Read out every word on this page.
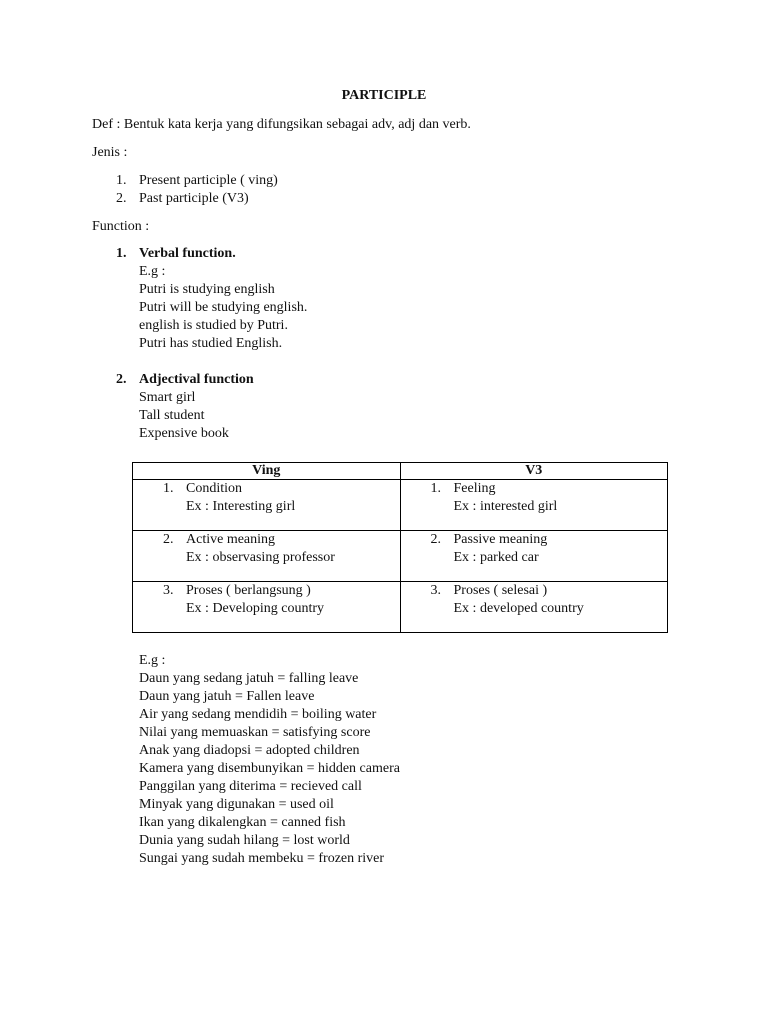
PARTICIPLE
Def : Bentuk kata kerja yang difungsikan sebagai adv, adj dan verb.
Jenis :
1. Present participle ( ving)
2. Past participle (V3)
Function :
1. Verbal function.
E.g :
Putri is studying english
Putri will be studying english.
english is studied by Putri.
Putri has studied English.
2. Adjectival function
Smart girl
Tall student
Expensive book
Ving	V3

1. Condition
Ex : Interesting girl	1. Feeling
Ex : interested girl

2. Active meaning
Ex : observasing professor	2. Passive meaning
Ex : parked car

3. Proses ( berlangsung )
Ex : Developing country	3. Proses ( selesai )
Ex : developed country
E.g :
Daun yang sedang jatuh = falling leave
Daun yang jatuh = Fallen leave
Air yang sedang mendidih = boiling water
Nilai yang memuaskan = satisfying score
Anak yang diadopsi = adopted children
Kamera yang disembunyikan = hidden camera
Panggilan yang diterima = recieved call
Minyak yang digunakan = used oil
Ikan yang dikalengkan = canned fish
Dunia yang sudah hilang = lost world
Sungai yang sudah membeku = frozen river
